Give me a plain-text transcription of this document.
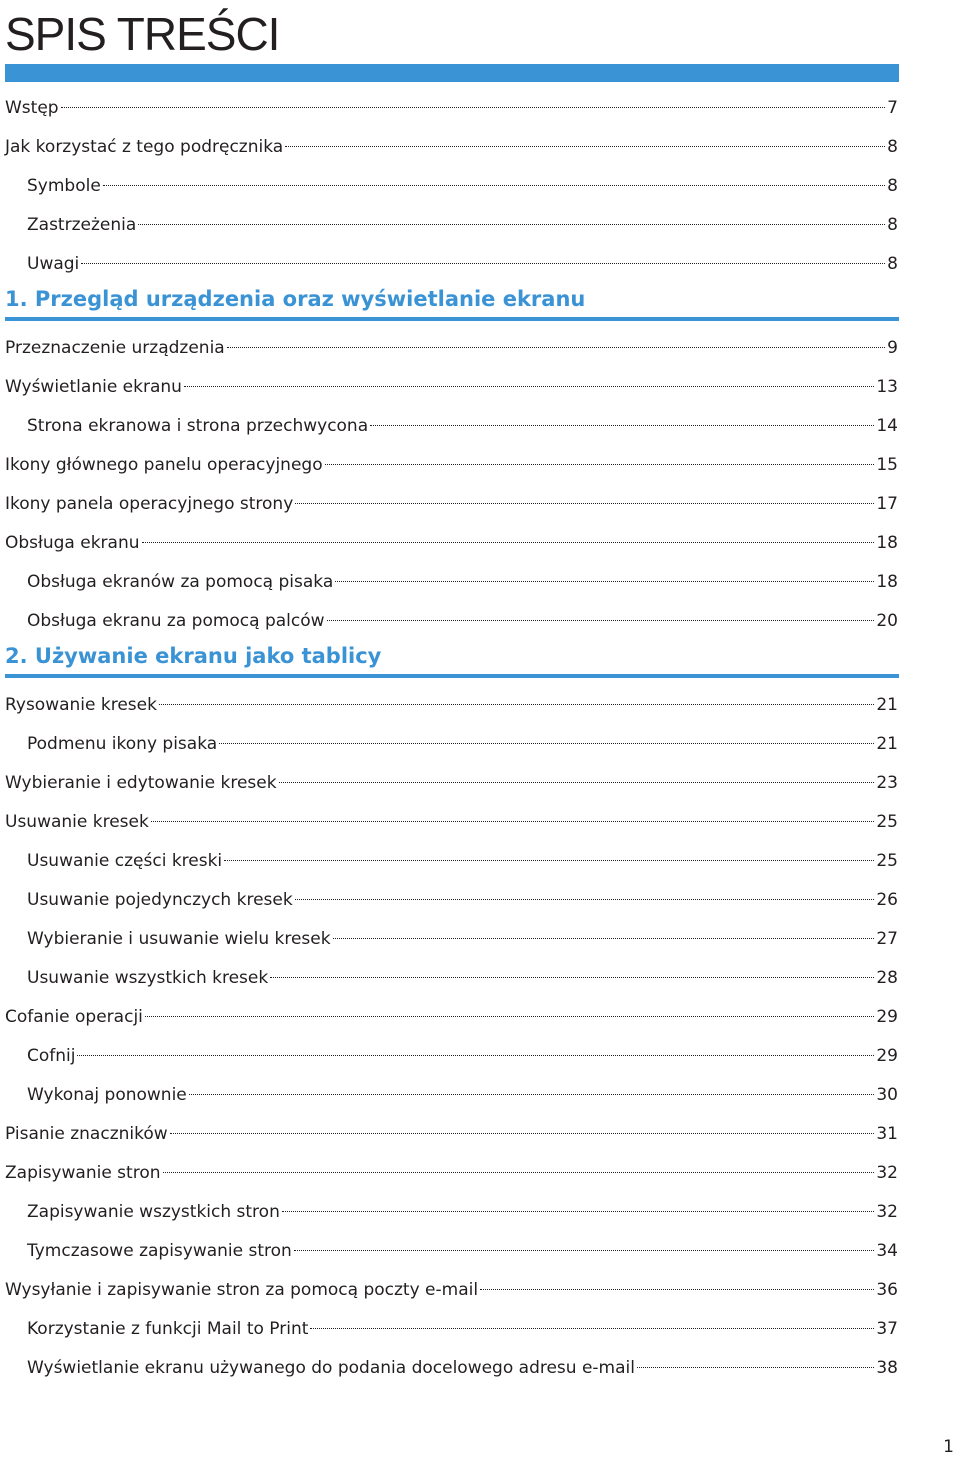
SPIS TREŚCI
Wstęp	7
Jak korzystać z tego podręcznika	8
Symbole	8
Zastrzeżenia	8
Uwagi	8
1. Przegląd urządzenia oraz wyświetlanie ekranu
Przeznaczenie urządzenia	9
Wyświetlanie ekranu	13
Strona ekranowa i strona przechwycona	14
Ikony głównego panelu operacyjnego	15
Ikony panela operacyjnego strony	17
Obsługa ekranu	18
Obsługa ekranów za pomocą pisaka	18
Obsługa ekranu za pomocą palców	20
2. Używanie ekranu jako tablicy
Rysowanie kresek	21
Podmenu ikony pisaka	21
Wybieranie i edytowanie kresek	23
Usuwanie kresek	25
Usuwanie części kreski	25
Usuwanie pojedynczych kresek	26
Wybieranie i usuwanie wielu kresek	27
Usuwanie wszystkich kresek	28
Cofanie operacji	29
Cofnij	29
Wykonaj ponownie	30
Pisanie znaczników	31
Zapisywanie stron	32
Zapisywanie wszystkich stron	32
Tymczasowe zapisywanie stron	34
Wysyłanie i zapisywanie stron za pomocą poczty e-mail	36
Korzystanie z funkcji Mail to Print	37
Wyświetlanie ekranu używanego do podania docelowego adresu e-mail	38
1
